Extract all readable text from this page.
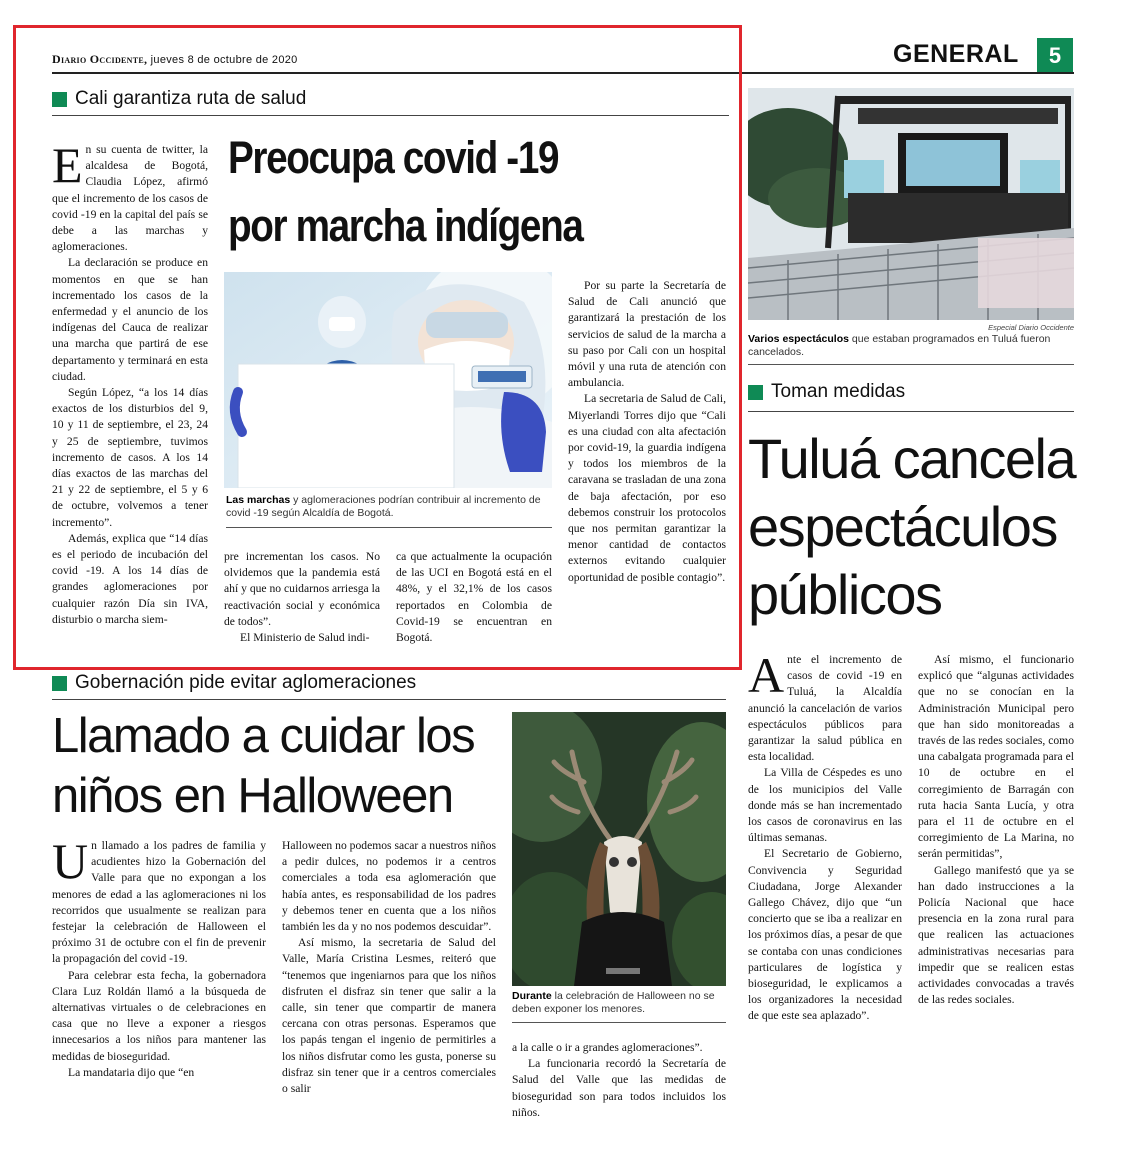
Diario Occidente, jueves 8 de octubre de 2020	GENERAL	5
Cali garantiza ruta de salud
Preocupa covid -19
por marcha indígena

En su cuenta de twitter, la alcaldesa de Bogotá, Claudia López, afirmó que el incremento de los casos de covid -19 en la capital del país se debe a las marchas y aglomeraciones.

La declaración se produce en momentos en que se han incrementado los casos de la enfermedad y el anuncio de los indígenas del Cauca de realizar una marcha que partirá de ese departamento y terminará en esta ciudad.

Según López, “a los 14 días exactos de los disturbios del 9, 10 y 11 de septiembre, el 23, 24 y 25 de septiembre, tuvimos incremento de casos. A los 14 días exactos de las marchas del 21 y 22 de septiembre, el 5 y 6 de octubre, volvemos a tener incremento”.

Además, explica que “14 días es el periodo de incubación del covid -19. A los 14 días de grandes aglomeraciones por cualquier razón Día sin IVA, disturbio o marcha siem-

Las marchas y aglomeraciones podrían contribuir al incremento de covid -19 según Alcaldía de Bogotá.

pre incrementan los casos. No olvidemos que la pandemia está ahí y que no cuidarnos arriesga la reactivación social y económica de todos”.

El Ministerio de Salud indi-

ca que actualmente la ocupación de las UCI en Bogotá está en el 48%, y el 32,1% de los casos reportados en Colombia de Covid-19 se encuentran en Bogotá.

Por su parte la Secretaría de Salud de Cali anunció que garantizará la prestación de los servicios de salud de la marcha a su paso por Cali con un hospital móvil y una ruta de atención con ambulancia.

La secretaria de Salud de Cali, Miyerlandi Torres dijo que “Cali es una ciudad con alta afectación por covid-19, la guardia indígena y todos los miembros de la caravana se trasladan de una zona de baja afectación, por eso debemos construir los protocolos que nos permitan garantizar la menor cantidad de contactos externos evitando cualquier oportunidad de posible contagio”.

Especial Diario Occidente
Varios espectáculos que estaban programados en Tuluá fueron cancelados.
Toman medidas
Tuluá cancela
espectáculos
públicos

Ante el incremento de casos de covid -19 en Tuluá, la Alcaldía anunció la cancelación de varios espectáculos públicos para garantizar la salud pública en esta localidad.

La Villa de Céspedes es uno de los municipios del Valle donde más se han incrementado los casos de coronavirus en las últimas semanas.

El Secretario de Gobierno, Convivencia y Seguridad Ciudadana, Jorge Alexander Gallego Chávez, dijo que “un concierto que se iba a realizar en los próximos días, a pesar de que se contaba con unas condiciones particulares de logística y bioseguridad, le explicamos a los organizadores la necesidad de que este sea aplazado”.

Así mismo, el funcionario explicó que “algunas actividades que no se conocían en la Administración Municipal pero que han sido monitoreadas a través de las redes sociales, como una cabalgata programada para el 10 de octubre en el corregimiento de Barragán con ruta hacia Santa Lucía, y otra para el 11 de octubre en el corregimiento de La Marina, no serán permitidas”,

Gallego manifestó que ya se han dado instrucciones a la Policía Nacional que hace presencia en la zona rural para que realicen las actuaciones administrativas necesarias para impedir que se realicen estas actividades convocadas a través de las redes sociales.

Gobernación pide evitar aglomeraciones
Llamado a cuidar los
niños en Halloween
Durante la celebración de Halloween no se deben exponer los menores.

Un llamado a los padres de familia y acudientes hizo la Gobernación del Valle para que no expongan a los menores de edad a las aglomeraciones ni los recorridos que usualmente se realizan para festejar la celebración de Halloween el próximo 31 de octubre con el fin de prevenir la propagación del covid -19.

Para celebrar esta fecha, la gobernadora Clara Luz Roldán llamó a la búsqueda de alternativas virtuales o de celebraciones en casa que no lleve a exponer a riesgos innecesarios a los niños para mantener las medidas de bioseguridad.

La mandataria dijo que “en

Halloween no podemos sacar a nuestros niños a pedir dulces, no podemos ir a centros comerciales a toda esa aglomeración que había antes, es responsabilidad de los padres y debemos tener en cuenta que a los niños también les da y no nos podemos descuidar”.

Así mismo, la secretaria de Salud del Valle, María Cristina Lesmes, reiteró que “tenemos que ingeniarnos para que los niños disfruten el disfraz sin tener que salir a la calle, sin tener que compartir de manera cercana con otras personas. Esperamos que los papás tengan el ingenio de permitirles a los niños disfrutar como les gusta, ponerse su disfraz sin tener que ir a centros comerciales o salir

a la calle o ir a grandes aglomeraciones”.

La funcionaria recordó la Secretaría de Salud del Valle que las medidas de bioseguridad son para todos incluidos los niños.
